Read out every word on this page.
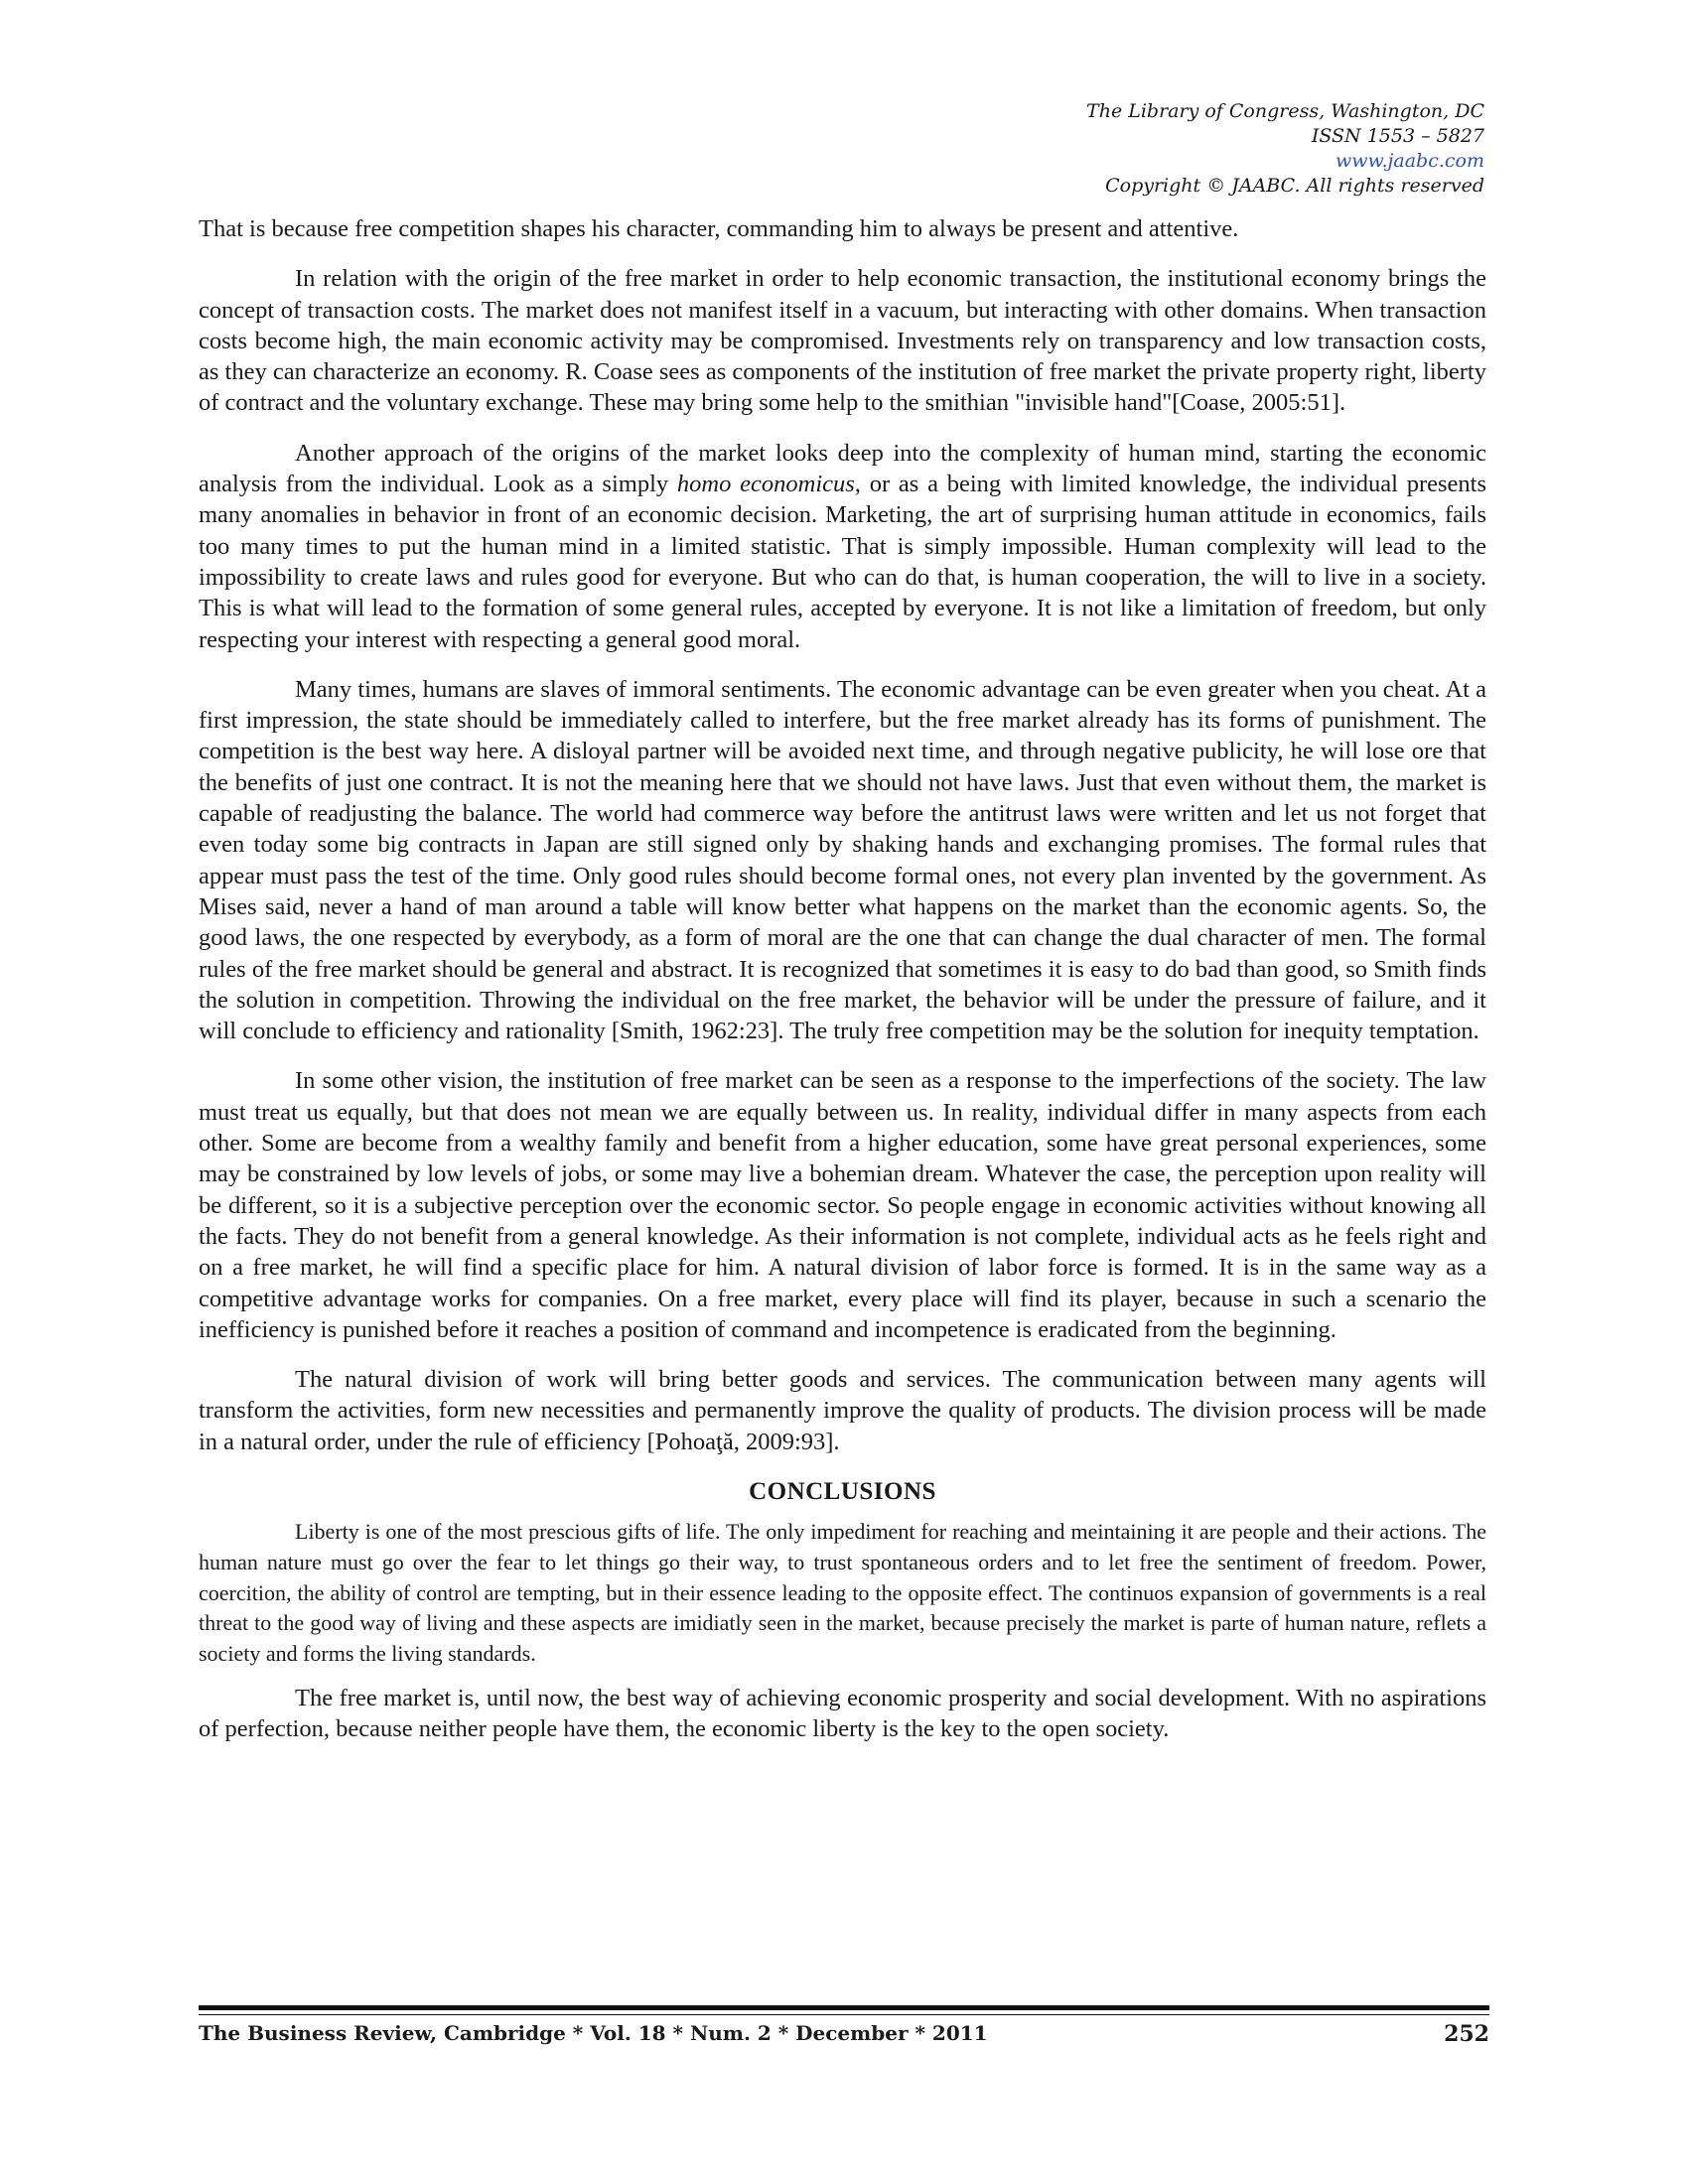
The Library of Congress, Washington, DC
ISSN 1553 – 5827
www.jaabc.com
Copyright © JAABC. All rights reserved

That is because free competition shapes his character, commanding him to always be present and attentive.

In relation with the origin of the free market in order to help economic transaction, the institutional economy brings the concept of transaction costs. The market does not manifest itself in a vacuum, but interacting with other domains. When transaction costs become high, the main economic activity may be compromised. Investments rely on transparency and low transaction costs, as they can characterize an economy. R. Coase sees as components of the institution of free market the private property right, liberty of contract and the voluntary exchange. These may bring some help to the smithian "invisible hand"[Coase, 2005:51].

Another approach of the origins of the market looks deep into the complexity of human mind, starting the economic analysis from the individual. Look as a simply homo economicus, or as a being with limited knowledge, the individual presents many anomalies in behavior in front of an economic decision. Marketing, the art of surprising human attitude in economics, fails too many times to put the human mind in a limited statistic. That is simply impossible. Human complexity will lead to the impossibility to create laws and rules good for everyone. But who can do that, is human cooperation, the will to live in a society. This is what will lead to the formation of some general rules, accepted by everyone. It is not like a limitation of freedom, but only respecting your interest with respecting a general good moral.

Many times, humans are slaves of immoral sentiments. The economic advantage can be even greater when you cheat. At a first impression, the state should be immediately called to interfere, but the free market already has its forms of punishment. The competition is the best way here. A disloyal partner will be avoided next time, and through negative publicity, he will lose ore that the benefits of just one contract. It is not the meaning here that we should not have laws. Just that even without them, the market is capable of readjusting the balance. The world had commerce way before the antitrust laws were written and let us not forget that even today some big contracts in Japan are still signed only by shaking hands and exchanging promises. The formal rules that appear must pass the test of the time. Only good rules should become formal ones, not every plan invented by the government. As Mises said, never a hand of man around a table will know better what happens on the market than the economic agents. So, the good laws, the one respected by everybody, as a form of moral are the one that can change the dual character of men. The formal rules of the free market should be general and abstract. It is recognized that sometimes it is easy to do bad than good, so Smith finds the solution in competition. Throwing the individual on the free market, the behavior will be under the pressure of failure, and it will conclude to efficiency and rationality [Smith, 1962:23]. The truly free competition may be the solution for inequity temptation.

In some other vision, the institution of free market can be seen as a response to the imperfections of the society. The law must treat us equally, but that does not mean we are equally between us. In reality, individual differ in many aspects from each other. Some are become from a wealthy family and benefit from a higher education, some have great personal experiences, some may be constrained by low levels of jobs, or some may live a bohemian dream. Whatever the case, the perception upon reality will be different, so it is a subjective perception over the economic sector. So people engage in economic activities without knowing all the facts. They do not benefit from a general knowledge. As their information is not complete, individual acts as he feels right and on a free market, he will find a specific place for him. A natural division of labor force is formed. It is in the same way as a competitive advantage works for companies. On a free market, every place will find its player, because in such a scenario the inefficiency is punished before it reaches a position of command and incompetence is eradicated from the beginning.

The natural division of work will bring better goods and services. The communication between many agents will transform the activities, form new necessities and permanently improve the quality of products. The division process will be made in a natural order, under the rule of efficiency [Pohoaţă, 2009:93].

CONCLUSIONS

Liberty is one of the most prescious gifts of life. The only impediment for reaching and meintaining it are people and their actions. The human nature must go over the fear to let things go their way, to trust spontaneous orders and to let free the sentiment of freedom. Power, coercition, the ability of control are tempting, but in their essence leading to the opposite effect. The continuos expansion of governments is a real threat to the good way of living and these aspects are imidiatly seen in the market, because precisely the market is parte of human nature, reflets a society and forms the living standards.

The free market is, until now, the best way of achieving economic prosperity and social development. With no aspirations of perfection, because neither people have them, the economic liberty is the key to the open society.

The Business Review, Cambridge * Vol. 18 * Num. 2 * December * 2011	252
